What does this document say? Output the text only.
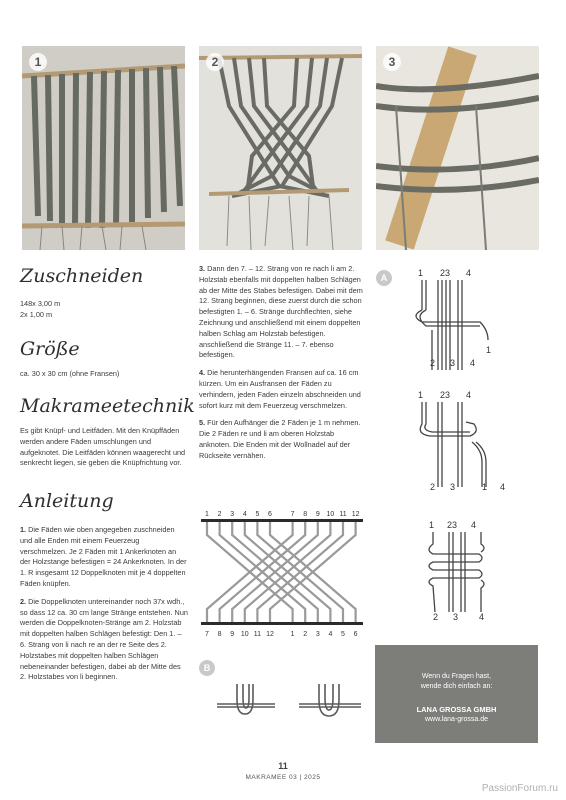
1	2	3
Zuschneiden
148x 3,00 m
2x 1,00 m
Größe
ca. 30 x 30 cm (ohne Fransen)
Makrameetechnik
Es gibt Knüpf- und Leitfäden. Mit den Knüpffäden werden andere Fäden umschlungen und aufgeknotet. Die Leitfäden können waagerecht und senkrecht liegen, sie geben die Knüpfrichtung vor.
Anleitung

1. Die Fäden wie oben angegeben zuschneiden und alle Enden mit einem Feuerzeug verschmelzen. Je 2 Fäden mit 1 Ankerknoten an der Holzstange befestigen = 24 Ankerknoten. In der 1. R insgesamt 12 Doppelknoten mit je 4 doppelten Fäden knüpfen.

2. Die Doppelknoten untereinander noch 37x wdh., so dass 12 ca. 30 cm lange Stränge entstehen. Nun werden die Doppelknoten-Stränge am 2. Holzstab mit doppelten halben Schlägen befestigt: Den 1. – 6. Strang von li nach re an der re Seite des 2. Holzstabes mit doppelten halben Schlägen nebeneinander befestigen, dabei ab der Mitte des 2. Holzstabes von li beginnen.

3. Dann den 7. – 12. Strang von re nach li am 2. Holzstab ebenfalls mit doppelten halben Schlägen ab der Mitte des Stabes befestigen. Dabei mit dem 12. Strang beginnen, diese zuerst durch die schon befestigten 1. – 6. Stränge durchflechten, siehe Zeichnung und anschließend mit einem doppelten halben Schlag am Holzstab befestigen. anschließend die Stränge 11. – 7. ebenso befestigen.

4. Die herunterhängenden Fransen auf ca. 16 cm kürzen. Um ein Ausfransen der Fäden zu verhindern, jeden Faden einzeln abschneiden und sofort kurz mit dem Feuerzeug verschmelzen.

5. Für den Aufhänger die 2 Fäden je 1 m nehmen. Die 2 Fäden re und li am oberen Holzstab anknoten. Die Enden mit der Wollnadel auf der Rückseite vernähen.

1 2 3 4 5 6	7 8 9 10 11 12
7 8 9 10 11 12 1 2 3 4 5 6
A
B
1 23 4
1
2 3 4
1 23 4
2 3	1 4
1 23 4
2 3 4
Wenn du Fragen hast,
wende dich einfach an:
LANA GROSSA GMBH
www.lana-grossa.de
11
MAKRAMEE 03 | 2025
PassionForum.ru
